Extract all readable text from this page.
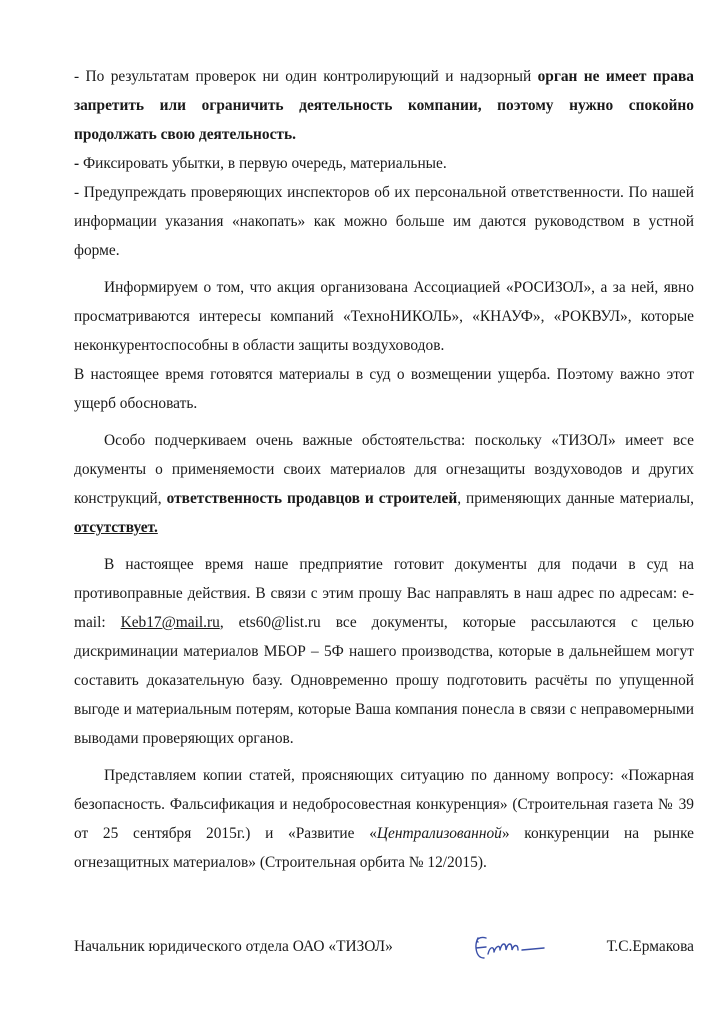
- По результатам проверок ни один контролирующий и надзорный орган не имеет права запретить или ограничить деятельность компании, поэтому нужно спокойно продолжать свою деятельность.

- Фиксировать убытки, в первую очередь, материальные.

- Предупреждать проверяющих инспекторов об их персональной ответственности. По нашей информации указания «накопать» как можно больше им даются руководством в устной форме.

Информируем о том, что акция организована Ассоциацией «РОСИЗОЛ», а за ней, явно просматриваются интересы компаний «ТехноНИКОЛЬ», «КНАУФ», «РОКВУЛ», которые неконкурентоспособны в области защиты воздуховодов.

В настоящее время готовятся материалы в суд о возмещении ущерба. Поэтому важно этот ущерб обосновать.

Особо подчеркиваем очень важные обстоятельства: поскольку «ТИЗОЛ» имеет все документы о применяемости своих материалов для огнезащиты воздуховодов и других конструкций, ответственность продавцов и строителей, применяющих данные материалы, отсутствует.

В настоящее время наше предприятие готовит документы для подачи в суд на противоправные действия. В связи с этим прошу Вас направлять в наш адрес по адресам: e-mail: Keb17@mail.ru, ets60@list.ru все документы, которые рассылаются с целью дискриминации материалов МБОР – 5Ф нашего производства, которые в дальнейшем могут составить доказательную базу. Одновременно прошу подготовить расчёты по упущенной выгоде и материальным потерям, которые Ваша компания понесла в связи с неправомерными выводами проверяющих органов.

Представляем копии статей, проясняющих ситуацию по данному вопросу: «Пожарная безопасность. Фальсификация и недобросовестная конкуренция» (Строительная газета № 39 от 25 сентября 2015г.) и «Развитие «Централизованной» конкуренции на рынке огнезащитных материалов» (Строительная орбита № 12/2015).

Начальник юридического отдела ОАО «ТИЗОЛ»	Т.С.Ермакова
